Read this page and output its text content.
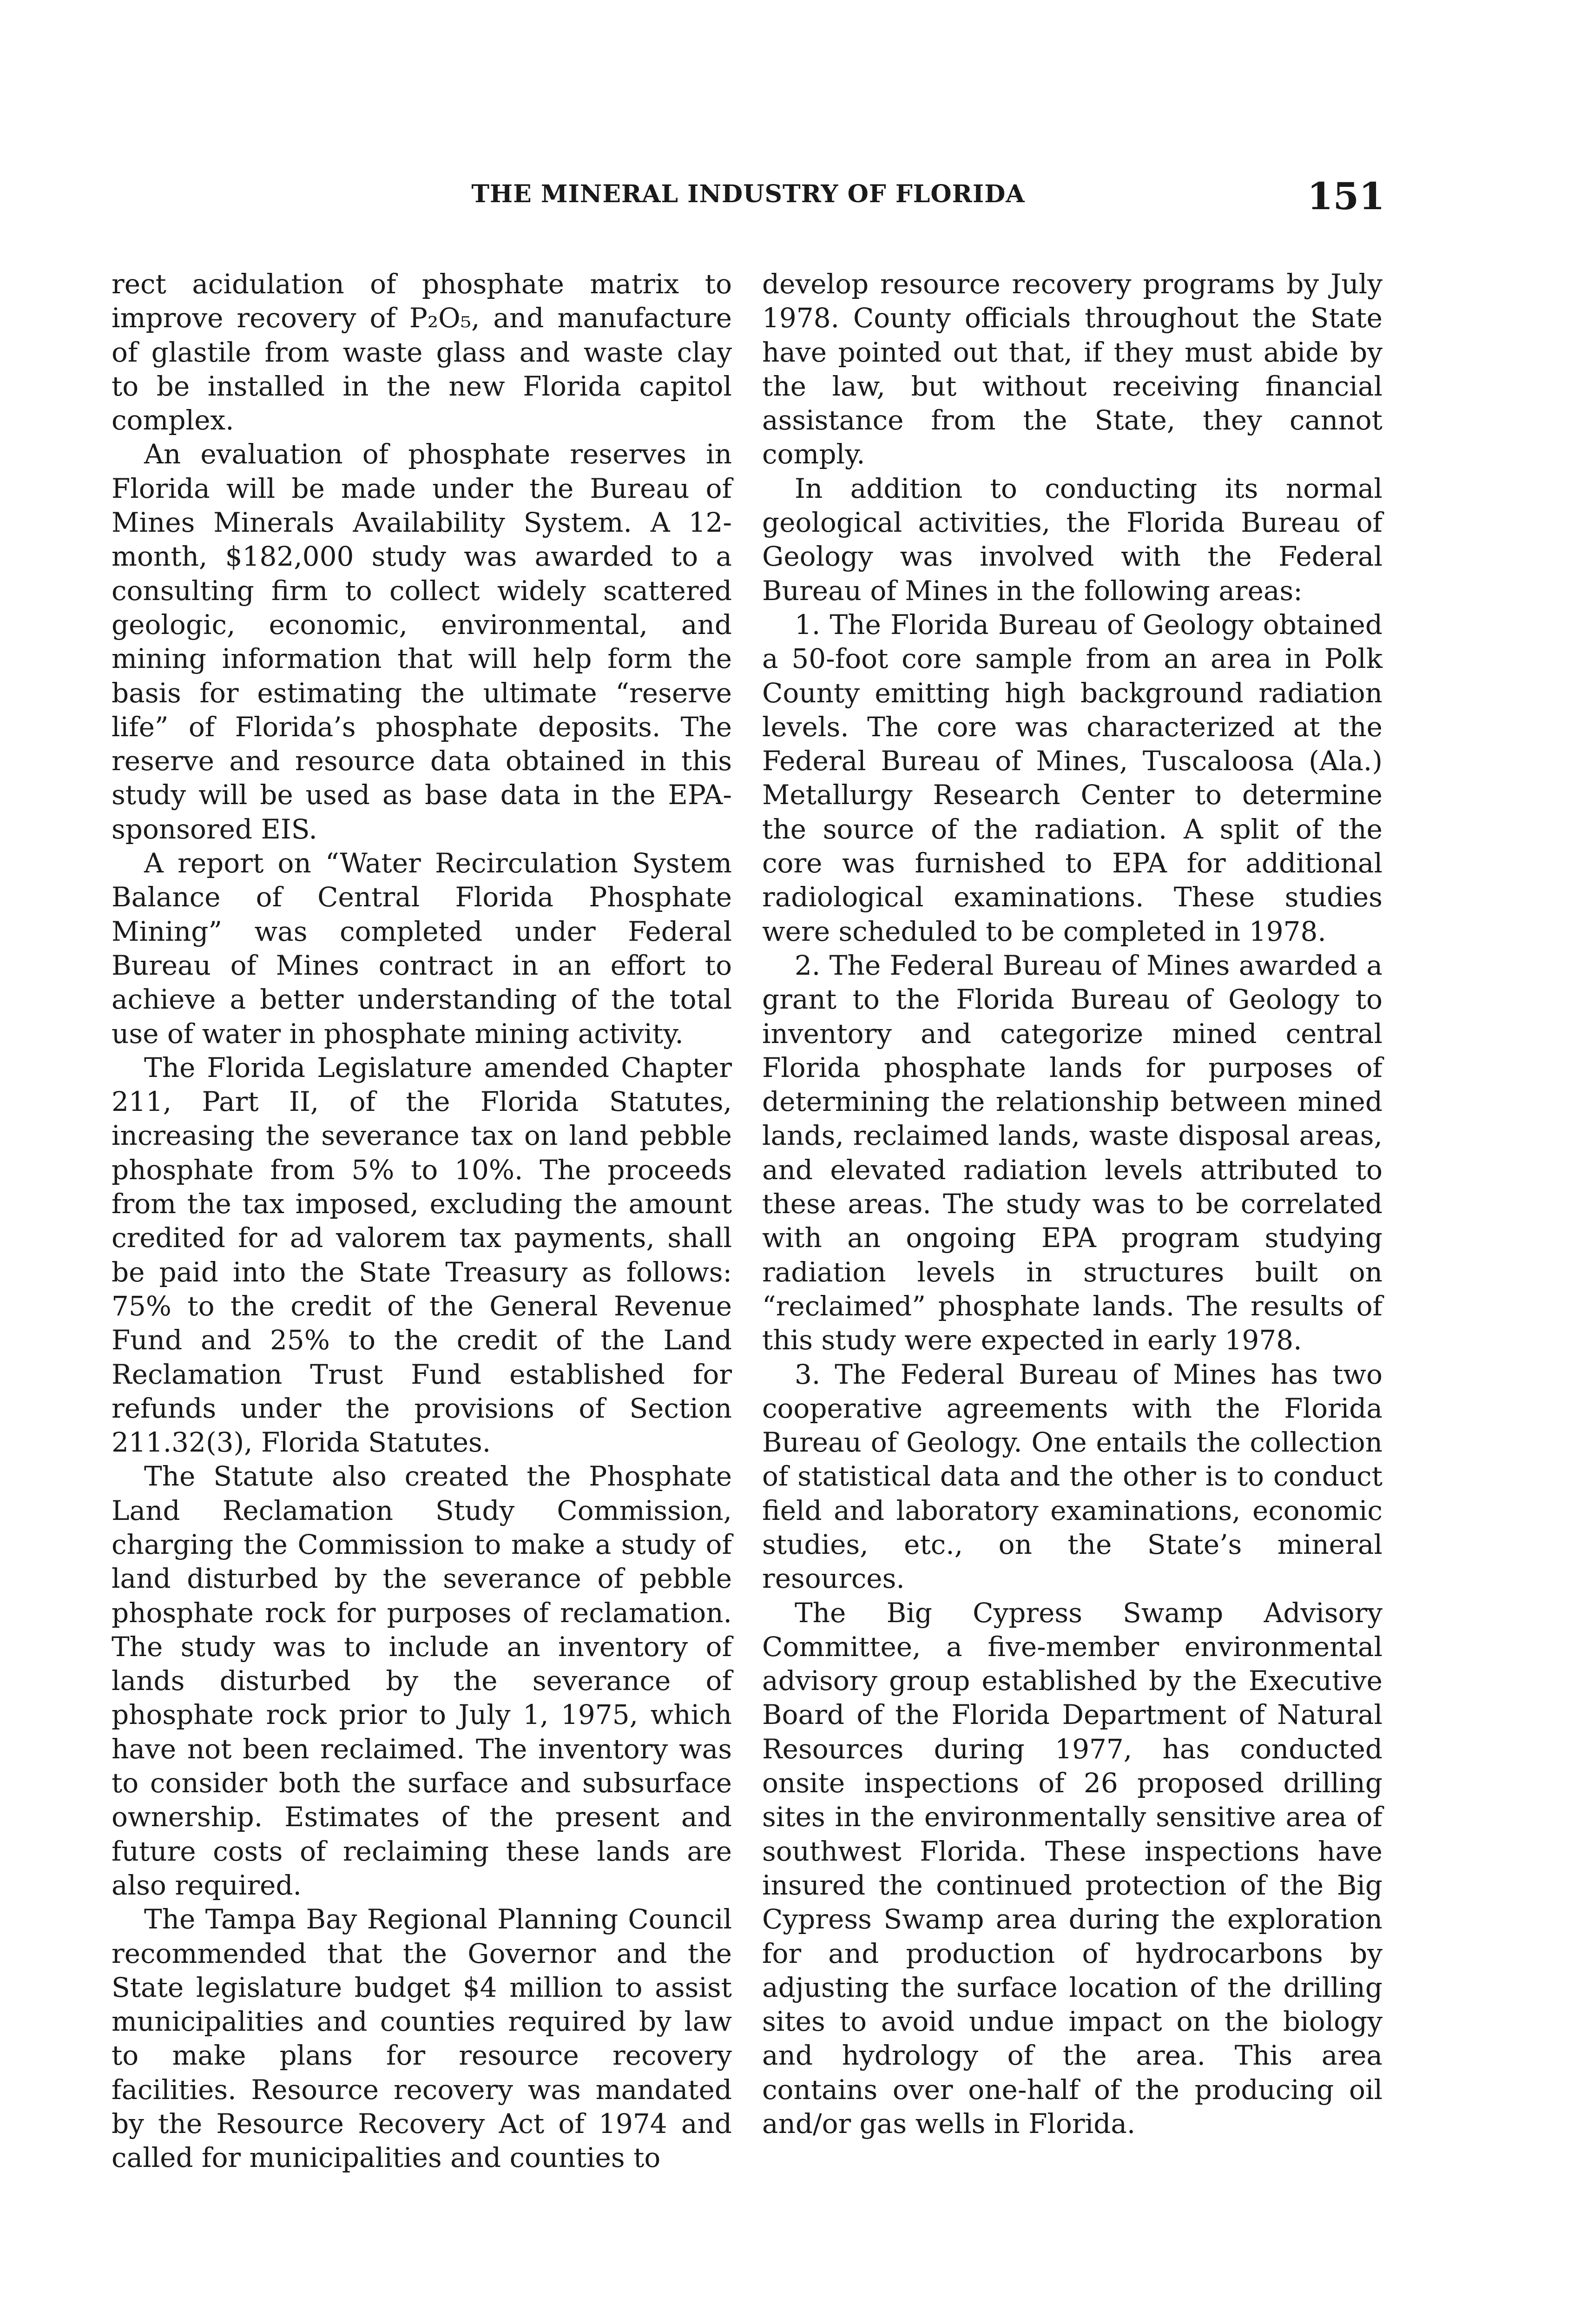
THE MINERAL INDUSTRY OF FLORIDA	151

rect acidulation of phosphate matrix to improve recovery of P₂O₅, and manufacture of glastile from waste glass and waste clay to be installed in the new Florida capitol complex.

An evaluation of phosphate reserves in Florida will be made under the Bureau of Mines Minerals Availability System. A 12-month, $182,000 study was awarded to a consulting firm to collect widely scattered geologic, economic, environmental, and mining information that will help form the basis for estimating the ultimate “reserve life” of Florida’s phosphate deposits. The reserve and resource data obtained in this study will be used as base data in the EPA-sponsored EIS.

A report on “Water Recirculation System Balance of Central Florida Phosphate Mining” was completed under Federal Bureau of Mines contract in an effort to achieve a better understanding of the total use of water in phosphate mining activity.

The Florida Legislature amended Chapter 211, Part II, of the Florida Statutes, increasing the severance tax on land pebble phosphate from 5% to 10%. The proceeds from the tax imposed, excluding the amount credited for ad valorem tax payments, shall be paid into the State Treasury as follows: 75% to the credit of the General Revenue Fund and 25% to the credit of the Land Reclamation Trust Fund established for refunds under the provisions of Section 211.32(3), Florida Statutes.

The Statute also created the Phosphate Land Reclamation Study Commission, charging the Commission to make a study of land disturbed by the severance of pebble phosphate rock for purposes of reclamation. The study was to include an inventory of lands disturbed by the severance of phosphate rock prior to July 1, 1975, which have not been reclaimed. The inventory was to consider both the surface and subsurface ownership. Estimates of the present and future costs of reclaiming these lands are also required.

The Tampa Bay Regional Planning Council recommended that the Governor and the State legislature budget $4 million to assist municipalities and counties required by law to make plans for resource recovery facilities. Resource recovery was mandated by the Resource Recovery Act of 1974 and called for municipalities and counties to

develop resource recovery programs by July 1978. County officials throughout the State have pointed out that, if they must abide by the law, but without receiving financial assistance from the State, they cannot comply.

In addition to conducting its normal geological activities, the Florida Bureau of Geology was involved with the Federal Bureau of Mines in the following areas:

1. The Florida Bureau of Geology obtained a 50-foot core sample from an area in Polk County emitting high background radiation levels. The core was characterized at the Federal Bureau of Mines, Tuscaloosa (Ala.) Metallurgy Research Center to determine the source of the radiation. A split of the core was furnished to EPA for additional radiological examinations. These studies were scheduled to be completed in 1978.

2. The Federal Bureau of Mines awarded a grant to the Florida Bureau of Geology to inventory and categorize mined central Florida phosphate lands for purposes of determining the relationship between mined lands, reclaimed lands, waste disposal areas, and elevated radiation levels attributed to these areas. The study was to be correlated with an ongoing EPA program studying radiation levels in structures built on “reclaimed” phosphate lands. The results of this study were expected in early 1978.

3. The Federal Bureau of Mines has two cooperative agreements with the Florida Bureau of Geology. One entails the collection of statistical data and the other is to conduct field and laboratory examinations, economic studies, etc., on the State’s mineral resources.

The Big Cypress Swamp Advisory Committee, a five-member environmental advisory group established by the Executive Board of the Florida Department of Natural Resources during 1977, has conducted onsite inspections of 26 proposed drilling sites in the environmentally sensitive area of southwest Florida. These inspections have insured the continued protection of the Big Cypress Swamp area during the exploration for and production of hydrocarbons by adjusting the surface location of the drilling sites to avoid undue impact on the biology and hydrology of the area. This area contains over one-half of the producing oil and/or gas wells in Florida.
